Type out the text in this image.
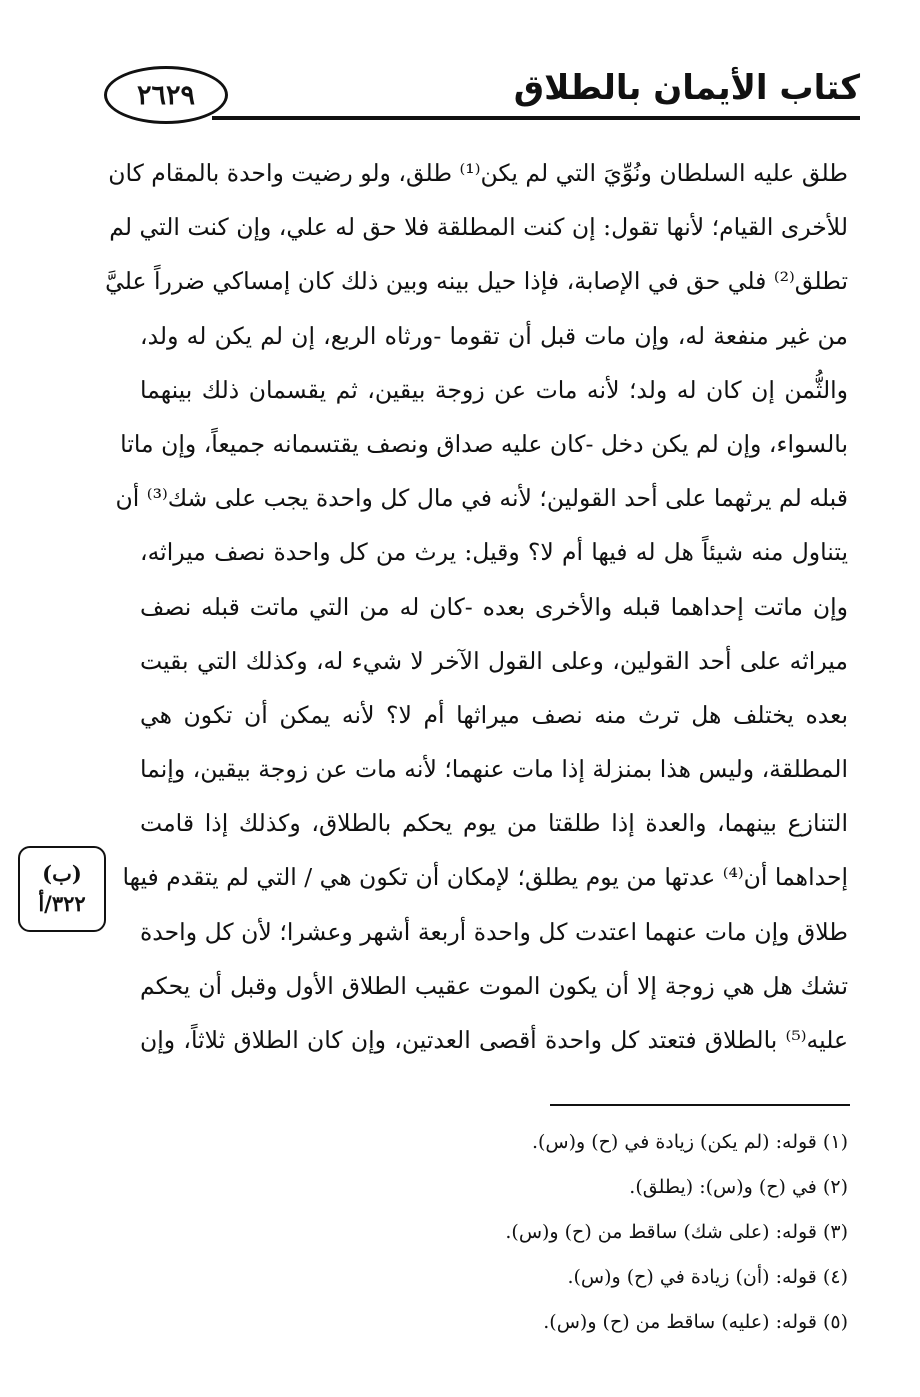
٢٦٢٩	كتاب الأيمان بالطلاق
طلق عليه السلطان ونُوِّيَ التي لم يكن⁽¹⁾ طلق، ولو رضيت واحدة بالمقام كان
للأخرى القيام؛ لأنها تقول: إن كنت المطلقة فلا حق له علي، وإن كنت التي لم
تطلق⁽²⁾ فلي حق في الإصابة، فإذا حيل بينه وبين ذلك كان إمساكي ضرراً عليَّ
من غير منفعة له، وإن مات قبل أن تقوما -ورثاه الربع، إن لم يكن له ولد،
والثُّمن إن كان له ولد؛ لأنه مات عن زوجة بيقين، ثم يقسمان ذلك بينهما
بالسواء، وإن لم يكن دخل -كان عليه صداق ونصف يقتسمانه جميعاً، وإن ماتا
قبله لم يرثهما على أحد القولين؛ لأنه في مال كل واحدة يجب على شك⁽³⁾ أن
يتناول منه شيئاً هل له فيها أم لا؟ وقيل: يرث من كل واحدة نصف ميراثه،
وإن ماتت إحداهما قبله والأخرى بعده -كان له من التي ماتت قبله نصف
ميراثه على أحد القولين، وعلى القول الآخر لا شيء له، وكذلك التي بقيت
بعده يختلف هل ترث منه نصف ميراثها أم لا؟ لأنه يمكن أن تكون هي
المطلقة، وليس هذا بمنزلة إذا مات عنهما؛ لأنه مات عن زوجة بيقين، وإنما
التنازع بينهما، والعدة إذا طلقتا من يوم يحكم بالطلاق، وكذلك إذا قامت
إحداهما أن⁽⁴⁾ عدتها من يوم يطلق؛ لإمكان أن تكون هي / التي لم يتقدم فيها
طلاق وإن مات عنهما اعتدت كل واحدة أربعة أشهر وعشرا؛ لأن كل واحدة
تشك هل هي زوجة إلا أن يكون الموت عقيب الطلاق الأول وقبل أن يحكم
عليه⁽⁵⁾ بالطلاق فتعتد كل واحدة أقصى العدتين، وإن كان الطلاق ثلاثاً، وإن
(ب)
٣٢٢/أ
(١) قوله: (لم يكن) زيادة في (ح) و(س).
(٢) في (ح) و(س): (يطلق).
(٣) قوله: (على شك) ساقط من (ح) و(س).
(٤) قوله: (أن) زيادة في (ح) و(س).
(٥) قوله: (عليه) ساقط من (ح) و(س).
